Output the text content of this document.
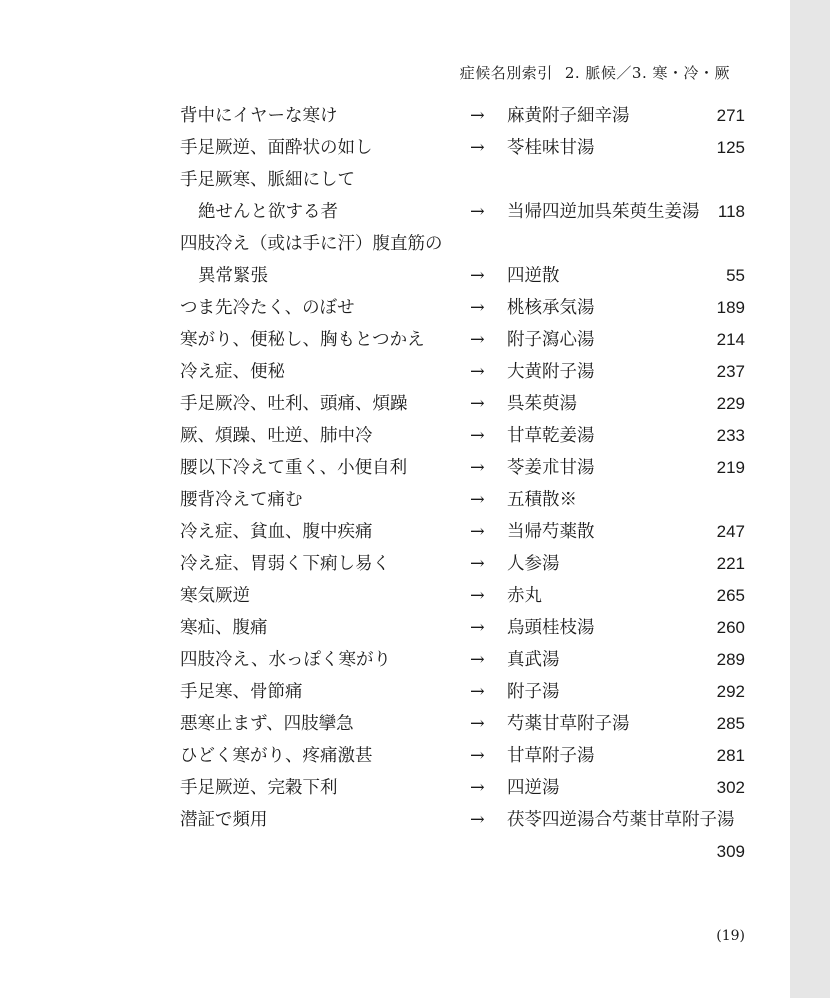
症候名別索引 2. 脈候／3. 寒・冷・厥
背中にイヤーな寒け	→ 麻黄附子細辛湯	271
手足厥逆、面酔状の如し	→ 苓桂味甘湯	125
手足厥寒、脈細にして
絶せんと欲する者	→ 当帰四逆加呉茱萸生姜湯 118
四肢冷え（或は手に汗）腹直筋の
異常緊張	→ 四逆散	55
つま先冷たく、のぼせ	→ 桃核承気湯	189
寒がり、便秘し、胸もとつかえ	→ 附子瀉心湯	214
冷え症、便秘	→ 大黄附子湯	237
手足厥冷、吐利、頭痛、煩躁	→ 呉茱萸湯	229
厥、煩躁、吐逆、肺中冷	→ 甘草乾姜湯	233
腰以下冷えて重く、小便自利	→ 苓姜朮甘湯	219
腰背冷えて痛む	→ 五積散※
冷え症、貧血、腹中疾痛	→ 当帰芍薬散	247
冷え症、胃弱く下痢し易く	→ 人参湯	221
寒気厥逆	→ 赤丸	265
寒疝、腹痛	→ 烏頭桂枝湯	260
四肢冷え、水っぽく寒がり	→ 真武湯	289
手足寒、骨節痛	→ 附子湯	292
悪寒止まず、四肢攣急	→ 芍薬甘草附子湯	285
ひどく寒がり、疼痛激甚	→ 甘草附子湯	281
手足厥逆、完穀下利	→ 四逆湯	302
潜証で頻用	→ 茯苓四逆湯合芍薬甘草附子湯
309
(19)
